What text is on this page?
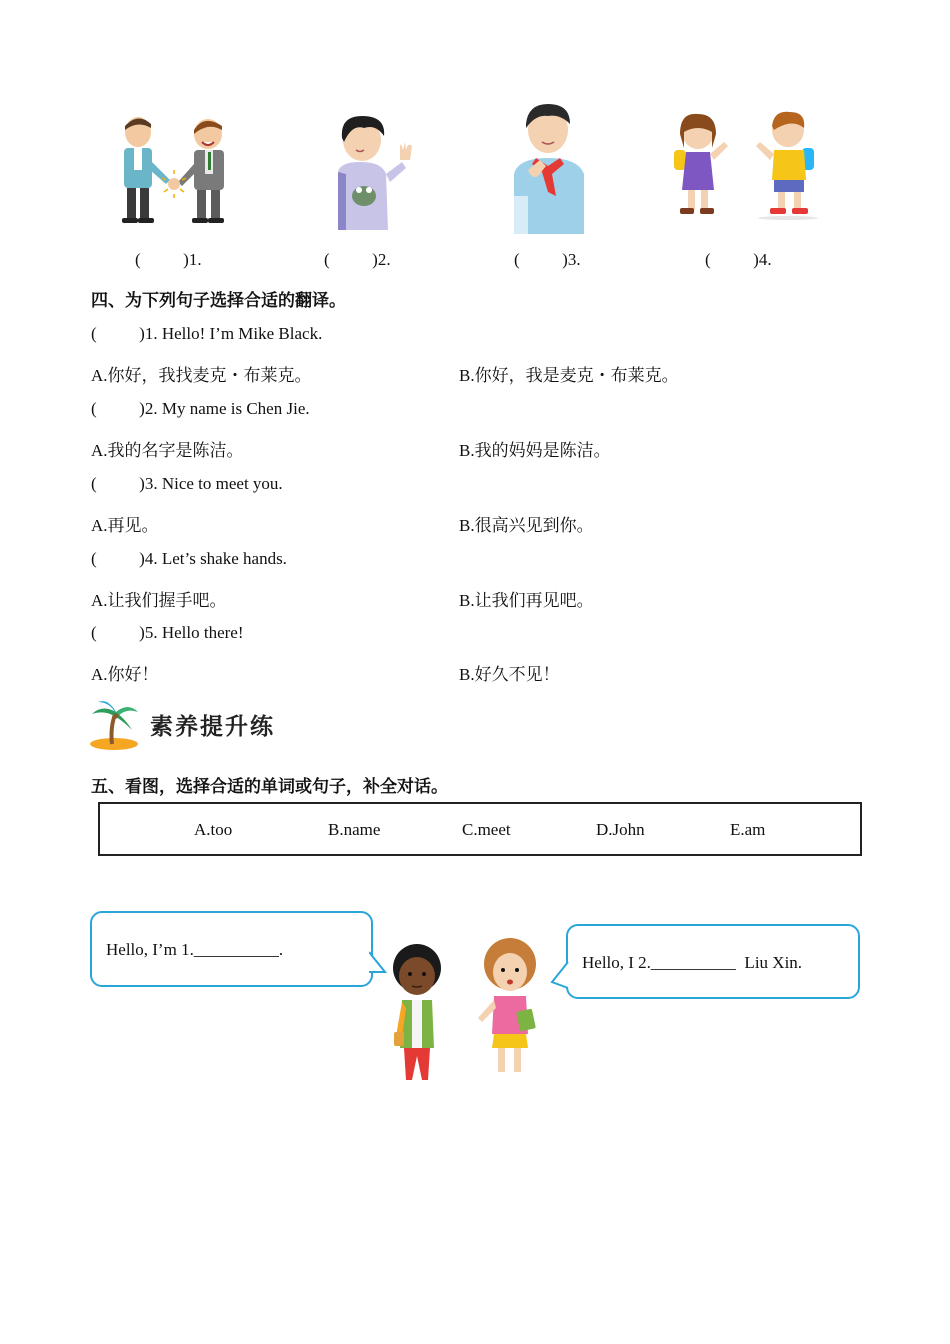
(          )1.	(          )2.	(          )3.	(          )4.
四、为下列句子选择合适的翻译。
(          )1. Hello! I’m Mike Black.
A.你好，我找麦克・布莱克。	B.你好，我是麦克・布莱克。
(          )2. My name is Chen Jie.
A.我的名字是陈洁。	B.我的妈妈是陈洁。
(          )3. Nice to meet you.
A.再见。	B.很高兴见到你。
(          )4. Let’s shake hands.
A.让我们握手吧。	B.让我们再见吧。
(          )5. Hello there!
A.你好！	B.好久不见！
素养提升练
五、看图，选择合适的单词或句子，补全对话。
A.too	B.name	C.meet	D.John	E.am
Hello, I’m 1.__________.
Hello, I 2.__________  Liu Xin.
